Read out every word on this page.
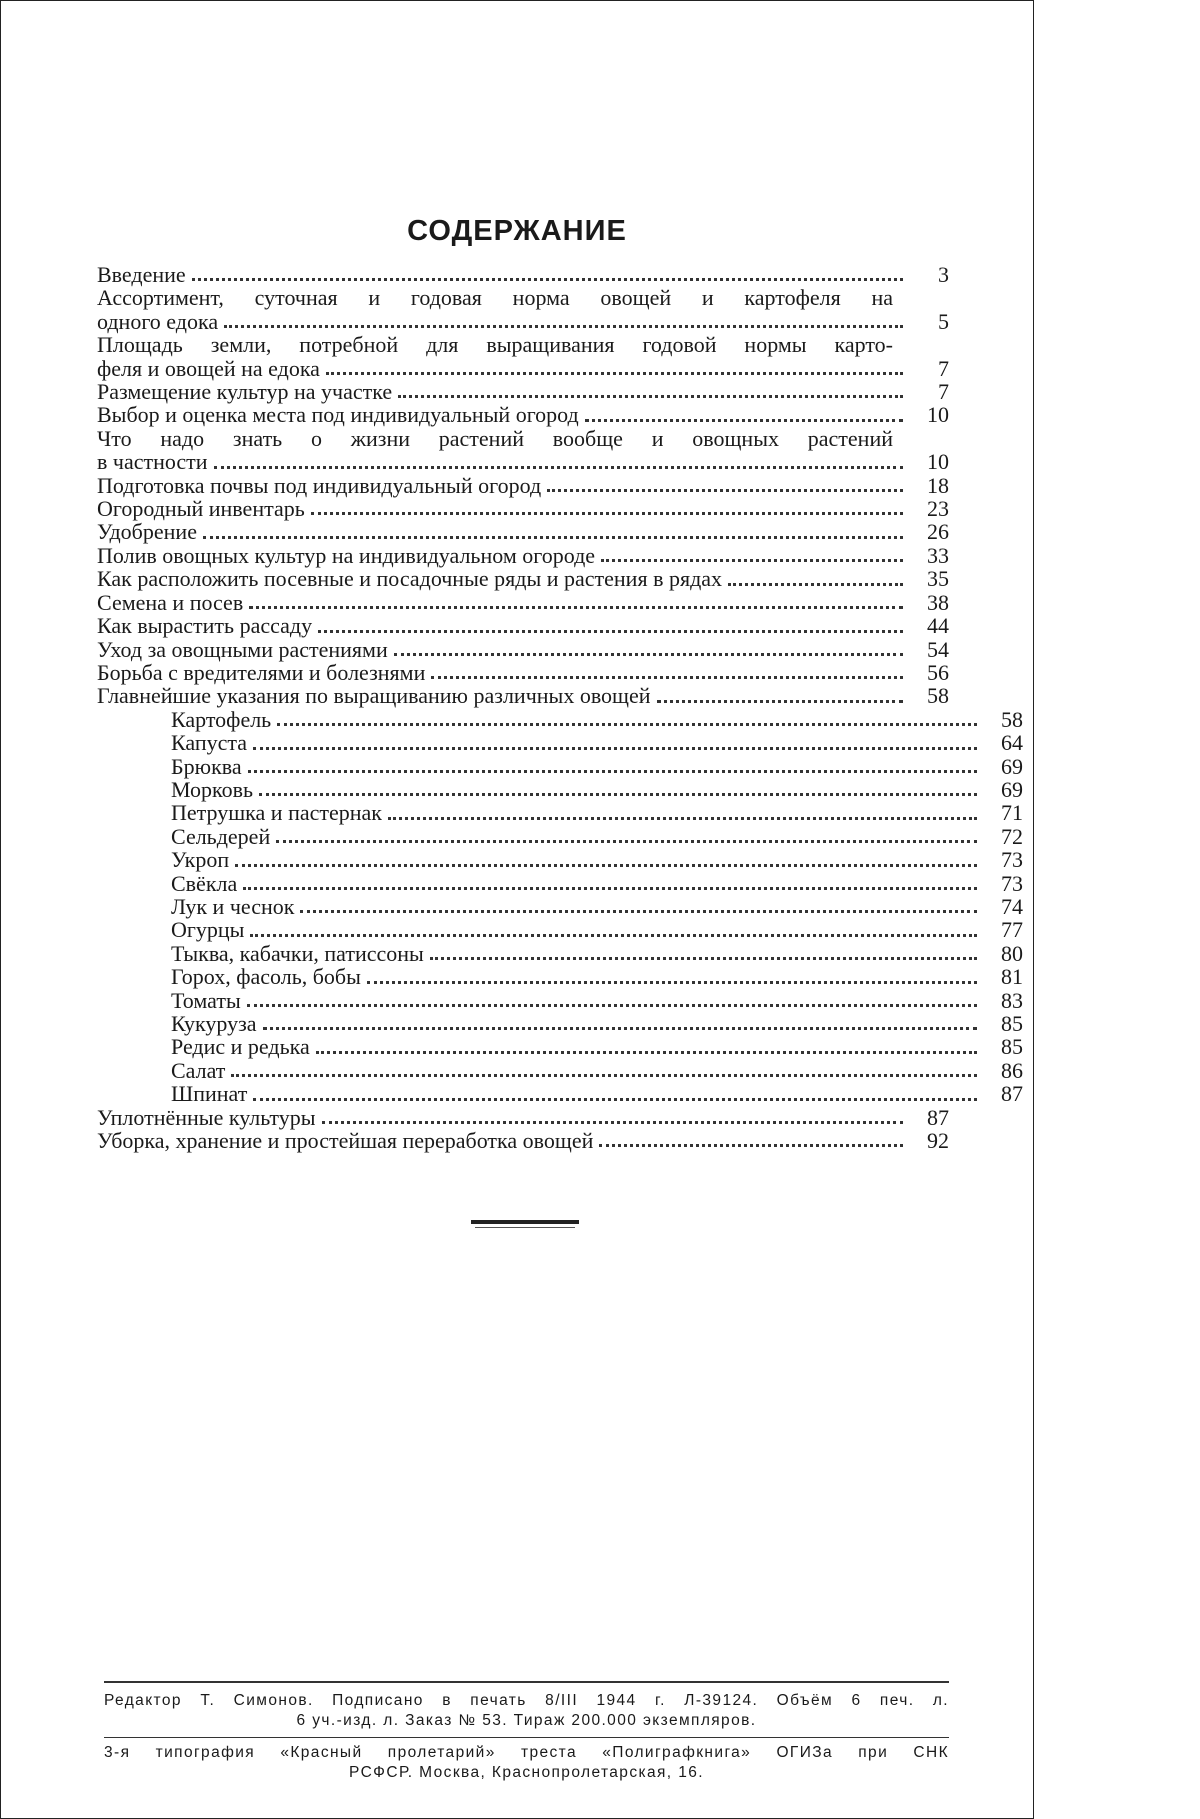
СОДЕРЖАНИЕ
Введение	3
Ассортимент, суточная и годовая норма овощей и картофеля на
одного едока	5
Площадь земли, потребной для выращивания годовой нормы карто-
феля и овощей на едока	7
Размещение культур на участке	7
Выбор и оценка места под индивидуальный огород	10
Что надо знать о жизни растений вообще и овощных растений
в частности	10
Подготовка почвы под индивидуальный огород	18
Огородный инвентарь	23
Удобрение	26
Полив овощных культур на индивидуальном огороде	33
Как расположить посевные и посадочные ряды и растения в рядах	35
Семена и посев	38
Как вырастить рассаду	44
Уход за овощными растениями	54
Борьба с вредителями и болезнями	56
Главнейшие указания по выращиванию различных овощей	58
Картофель	58
Капуста	64
Брюква	69
Морковь	69
Петрушка и пастернак	71
Сельдерей	72
Укроп	73
Свёкла	73
Лук и чеснок	74
Огурцы	77
Тыква, кабачки, патиссоны	80
Горох, фасоль, бобы	81
Томаты	83
Кукуруза	85
Редис и редька	85
Салат	86
Шпинат	87
Уплотнённые культуры	87
Уборка, хранение и простейшая переработка овощей	92
Редактор Т. Симонов. Подписано в печать 8/III 1944 г. Л-39124. Объём 6 печ. л.
6 уч.-изд. л. Заказ № 53. Тираж 200.000 экземпляров.
3-я типография «Красный пролетарий» треста «Полиграфкнига» ОГИЗа при СНК
РСФСР. Москва, Краснопролетарская, 16.
